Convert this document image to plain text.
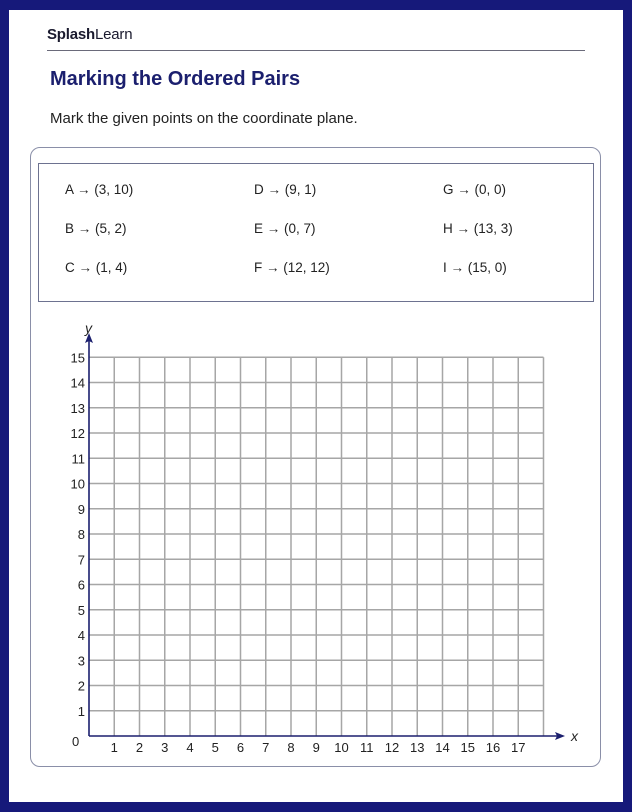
SplashLearn
Marking the Ordered Pairs
Mark the given points on the coordinate plane.
A → (3, 10)
B → (5, 2)
C → (1, 4)
D → (9, 1)
E → (0, 7)
F → (12, 12)
G → (0, 0)
H → (13, 3)
I → (15, 0)
x
y
0 1 2 3 4 5 6 7 8 9 10 11 12 13 14 15 16 17
1
2
3
4
5
6
7
8
9
10
11
12
13
14
15
